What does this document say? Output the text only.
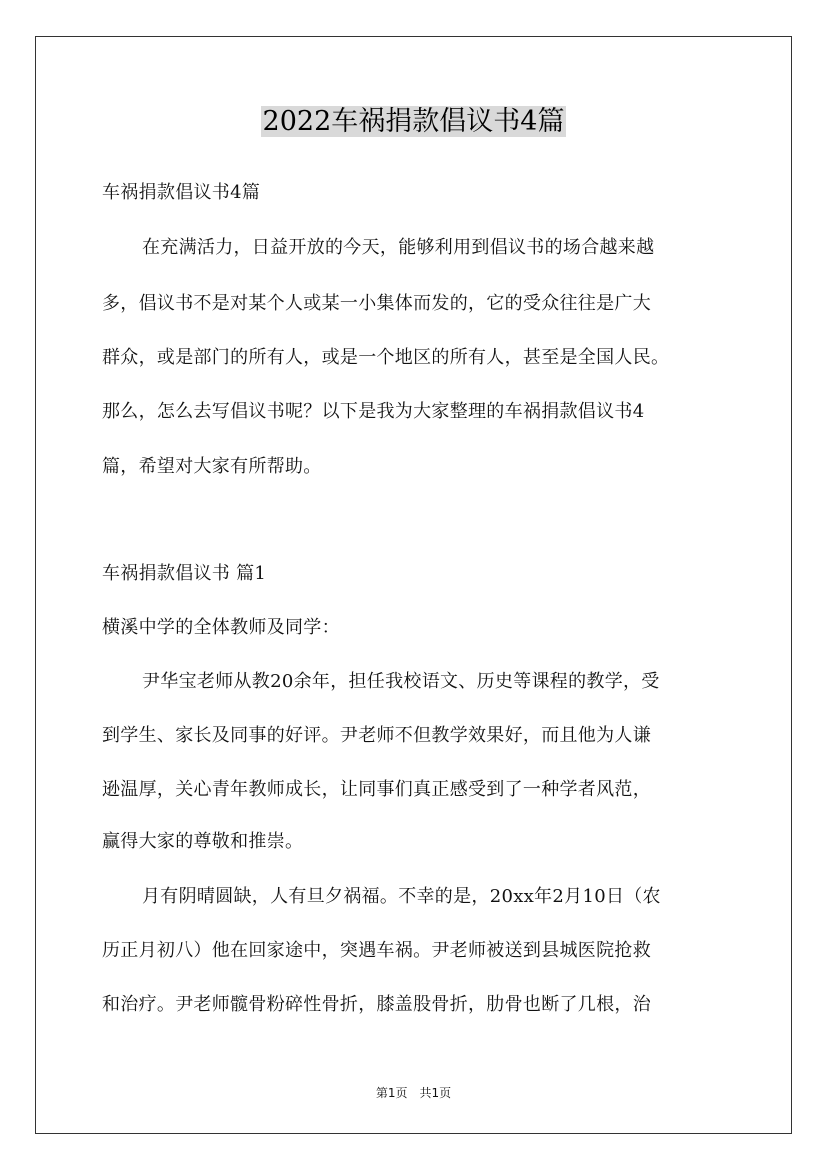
2022车祸捐款倡议书4篇
车祸捐款倡议书4篇
在充满活力，日益开放的今天，能够利用到倡议书的场合越来越
多，倡议书不是对某个人或某一小集体而发的，它的受众往往是广大
群众，或是部门的所有人，或是一个地区的所有人，甚至是全国人民。
那么，怎么去写倡议书呢？以下是我为大家整理的车祸捐款倡议书4
篇，希望对大家有所帮助。
车祸捐款倡议书 篇1
横溪中学的全体教师及同学：
尹华宝老师从教20余年，担任我校语文、历史等课程的教学，受
到学生、家长及同事的好评。尹老师不但教学效果好，而且他为人谦
逊温厚，关心青年教师成长，让同事们真正感受到了一种学者风范，
赢得大家的尊敬和推崇。
月有阴晴圆缺，人有旦夕祸福。不幸的是，20xx年2月10日（农
历正月初八）他在回家途中，突遇车祸。尹老师被送到县城医院抢救
和治疗。尹老师髋骨粉碎性骨折，膝盖股骨折，肋骨也断了几根，治
第1页　共1页
